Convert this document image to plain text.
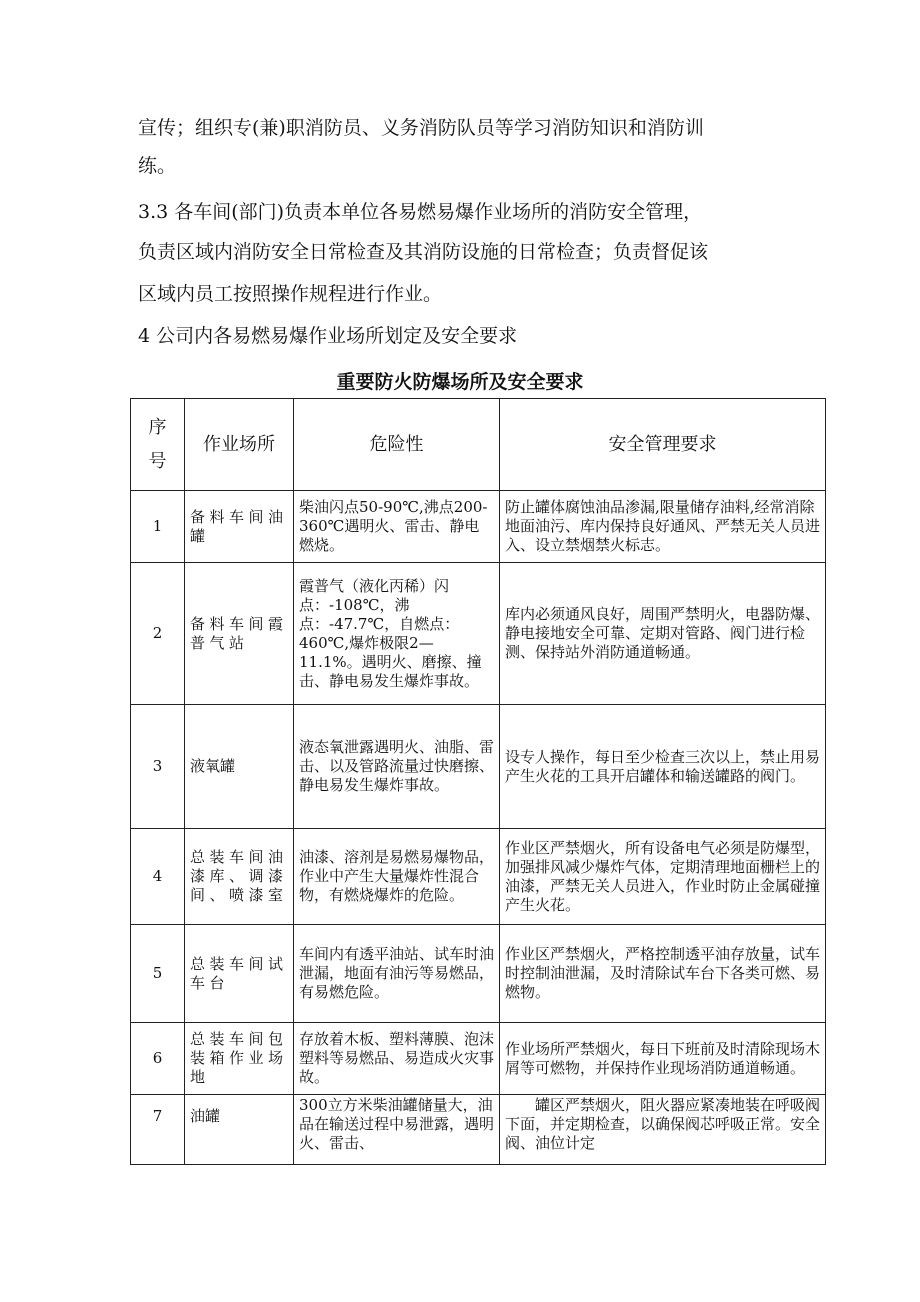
宣传；组织专(兼)职消防员、义务消防队员等学习消防知识和消防训
练。
3.3 各车间(部门)负责本单位各易燃易爆作业场所的消防安全管理，
负责区域内消防安全日常检查及其消防设施的日常检查；负责督促该
区域内员工按照操作规程进行作业。
4 公司内各易燃易爆作业场所划定及安全要求
重要防火防爆场所及安全要求
序
号	作业场所	危险性	安全管理要求
1	备料车间油罐	柴油闪点50-90℃,沸点200-360℃遇明火、雷击、静电燃烧。	防止罐体腐蚀油品渗漏,限量储存油料,经常消除地面油污、库内保持良好通风、严禁无关人员进入、设立禁烟禁火标志。
2	备料车间霞普气站	霞普气（液化丙稀）闪点：-108℃，沸点：-47.7℃，自燃点：460℃,爆炸极限2—11.1%。遇明火、磨擦、撞击、静电易发生爆炸事故。	库内必须通风良好，周围严禁明火，电器防爆、静电接地安全可靠、定期对管路、阀门进行检测、保持站外消防通道畅通。
3	液氧罐	液态氧泄露遇明火、油脂、雷击、以及管路流量过快磨擦、静电易发生爆炸事故。	设专人操作，每日至少检查三次以上，禁止用易产生火花的工具开启罐体和输送罐路的阀门。
4	总装车间油漆库、调漆间、喷漆室	油漆、溶剂是易燃易爆物品，作业中产生大量爆炸性混合物，有燃烧爆炸的危险。	作业区严禁烟火，所有设备电气必须是防爆型，加强排风减少爆炸气体，定期清理地面栅栏上的油漆，严禁无关人员进入，作业时防止金属碰撞产生火花。
5	总装车间试车台	车间内有透平油站、试车时油泄漏，地面有油污等易燃品，有易燃危险。	作业区严禁烟火，严格控制透平油存放量，试车时控制油泄漏，及时清除试车台下各类可燃、易燃物。
6	总装车间包装箱作业场地	存放着木板、塑料薄膜、泡沫塑料等易燃品、易造成火灾事故。	作业场所严禁烟火，每日下班前及时清除现场木屑等可燃物，并保持作业现场消防通道畅通。
7	油罐	300立方米柴油罐储量大，油品在输送过程中易泄露，遇明火、雷击、	罐区严禁烟火，阻火器应紧凑地装在呼吸阀下面，并定期检查，以确保阀芯呼吸正常。安全阀、油位计定
